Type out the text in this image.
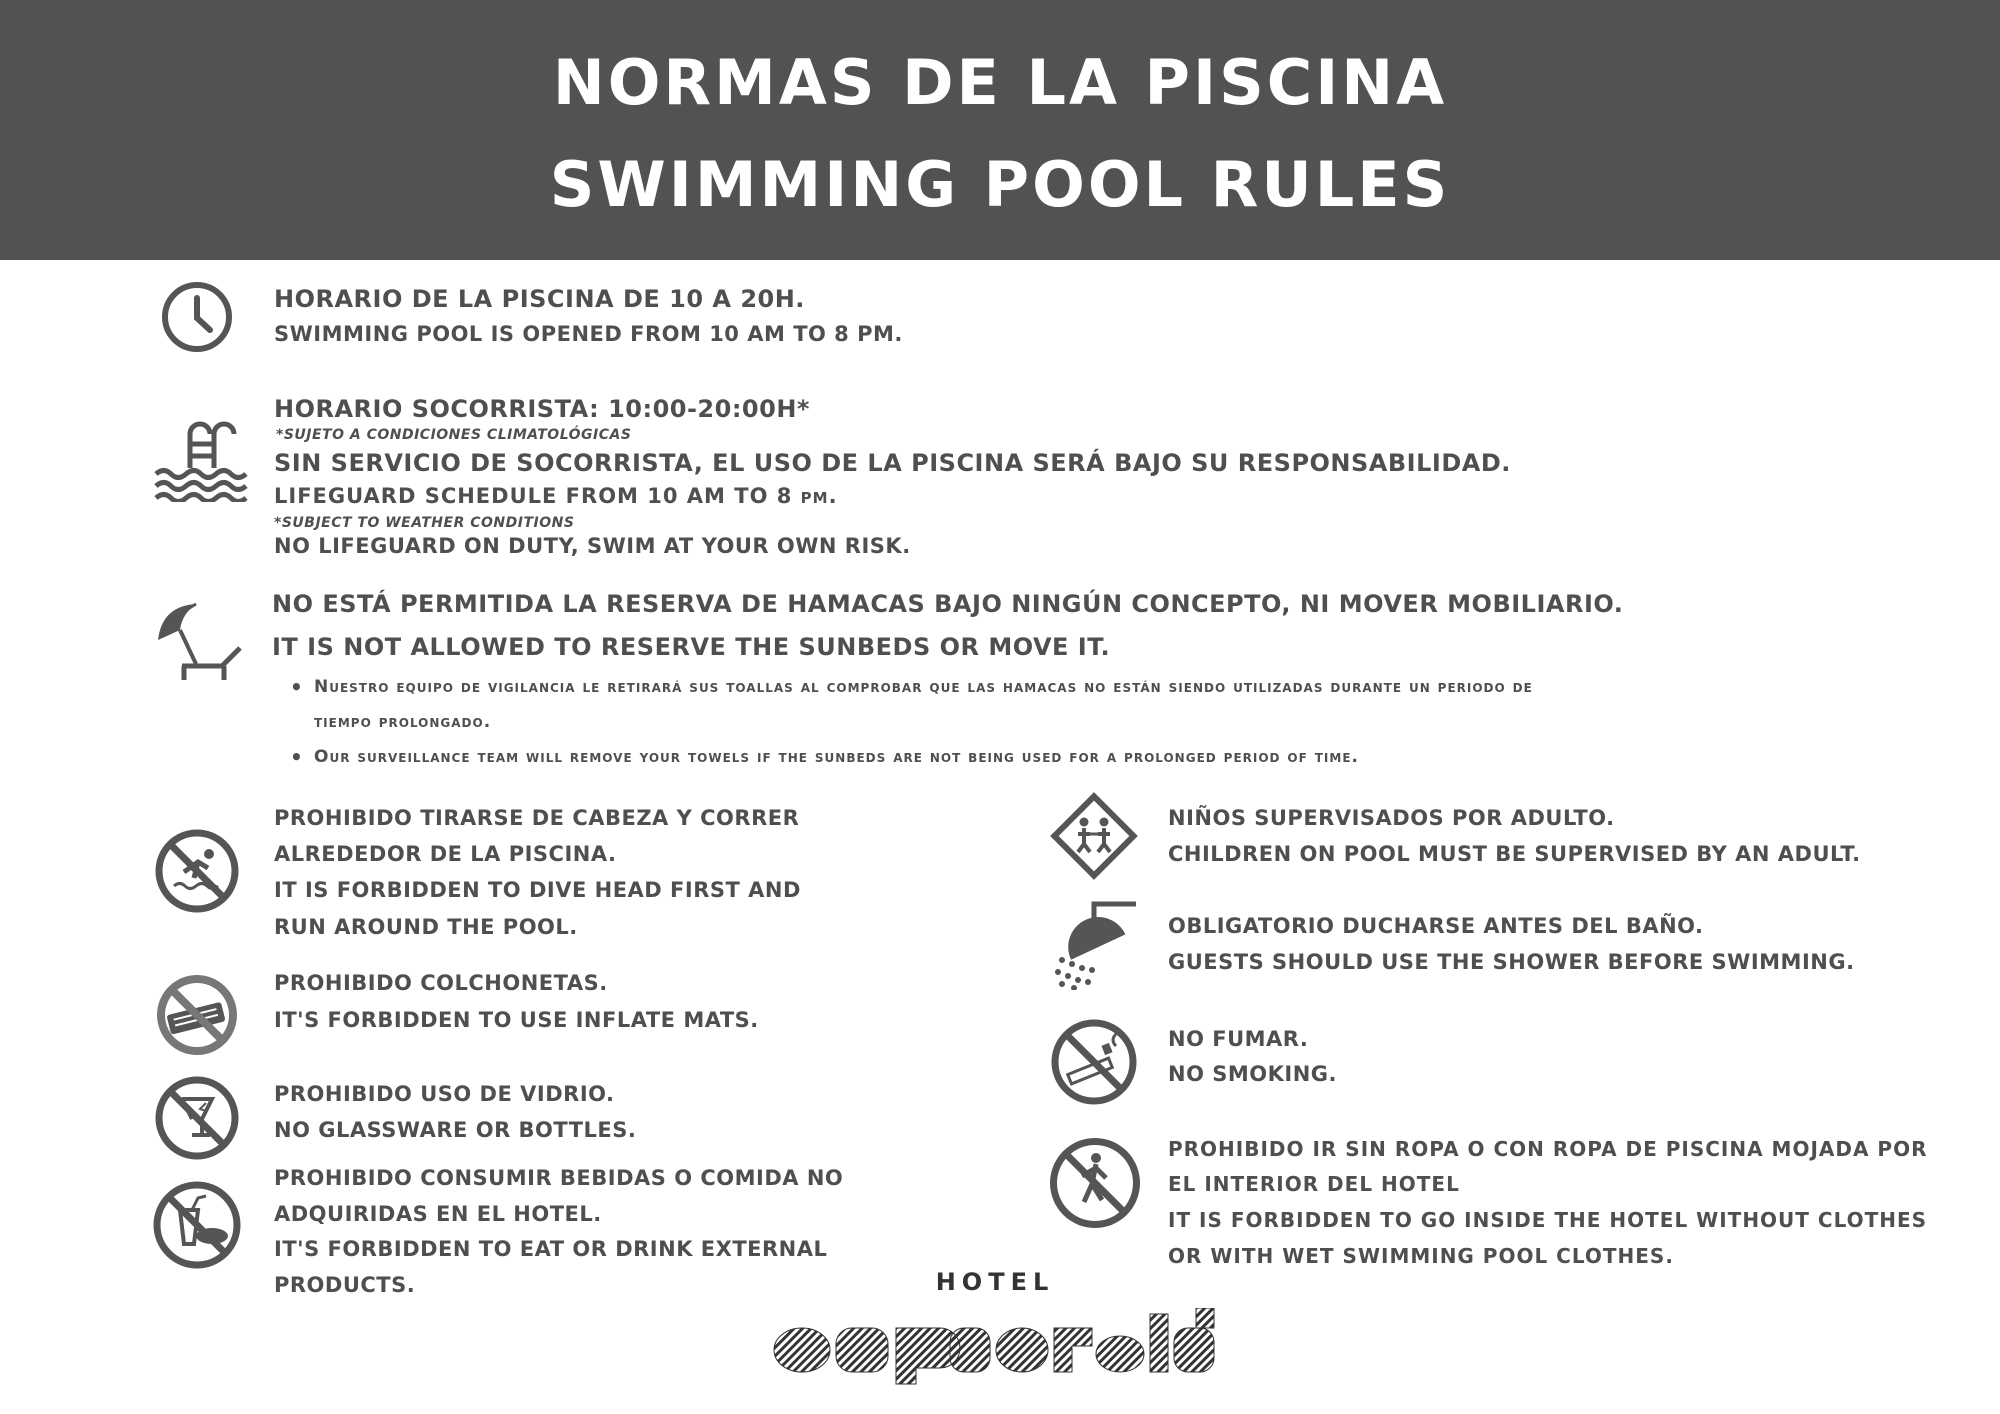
NORMAS DE LA PISCINA
SWIMMING POOL RULES
HORARIO DE LA PISCINA DE 10 A 20H.
SWIMMING POOL IS OPENED FROM 10 AM TO 8 PM.
HORARIO SOCORRISTA: 10:00-20:00H*
*SUJETO A CONDICIONES CLIMATOLÓGICAS
SIN SERVICIO DE SOCORRISTA, EL USO DE LA PISCINA SERÁ BAJO SU RESPONSABILIDAD.
LIFEGUARD SCHEDULE FROM 10 AM TO 8 pm.
*SUBJECT TO WEATHER CONDITIONS
NO LIFEGUARD ON DUTY, SWIM AT YOUR OWN RISK.
NO ESTÁ PERMITIDA LA RESERVA DE HAMACAS BAJO NINGÚN CONCEPTO, NI MOVER MOBILIARIO.
IT IS NOT ALLOWED TO RESERVE THE SUNBEDS OR MOVE IT.
• Nuestro equipo de vigilancia le retirará sus toallas al comprobar que las hamacas no están siendo utilizadas durante un periodo de
tiempo prolongado.
• Our surveillance team will remove your towels if the sunbeds are not being used for a prolonged period of time.
PROHIBIDO TIRARSE DE CABEZA Y CORRER
ALREDEDOR DE LA PISCINA.
IT IS FORBIDDEN TO DIVE HEAD FIRST AND
RUN AROUND THE POOL.
PROHIBIDO COLCHONETAS.
IT'S FORBIDDEN TO USE INFLATE MATS.
PROHIBIDO USO DE VIDRIO.
NO GLASSWARE OR BOTTLES.
PROHIBIDO CONSUMIR BEBIDAS O COMIDA NO
ADQUIRIDAS EN EL HOTEL.
IT'S FORBIDDEN TO EAT OR DRINK EXTERNAL
PRODUCTS.
NIÑOS SUPERVISADOS POR ADULTO.
CHILDREN ON POOL MUST BE SUPERVISED BY AN ADULT.
OBLIGATORIO DUCHARSE ANTES DEL BAÑO.
GUESTS SHOULD USE THE SHOWER BEFORE SWIMMING.
NO FUMAR.
NO SMOKING.
PROHIBIDO IR SIN ROPA O CON ROPA DE PISCINA MOJADA POR
EL INTERIOR DEL HOTEL
IT IS FORBIDDEN TO GO INSIDE THE HOTEL WITHOUT CLOTHES
OR WITH WET SWIMMING POOL CLOTHES.
HOTEL
